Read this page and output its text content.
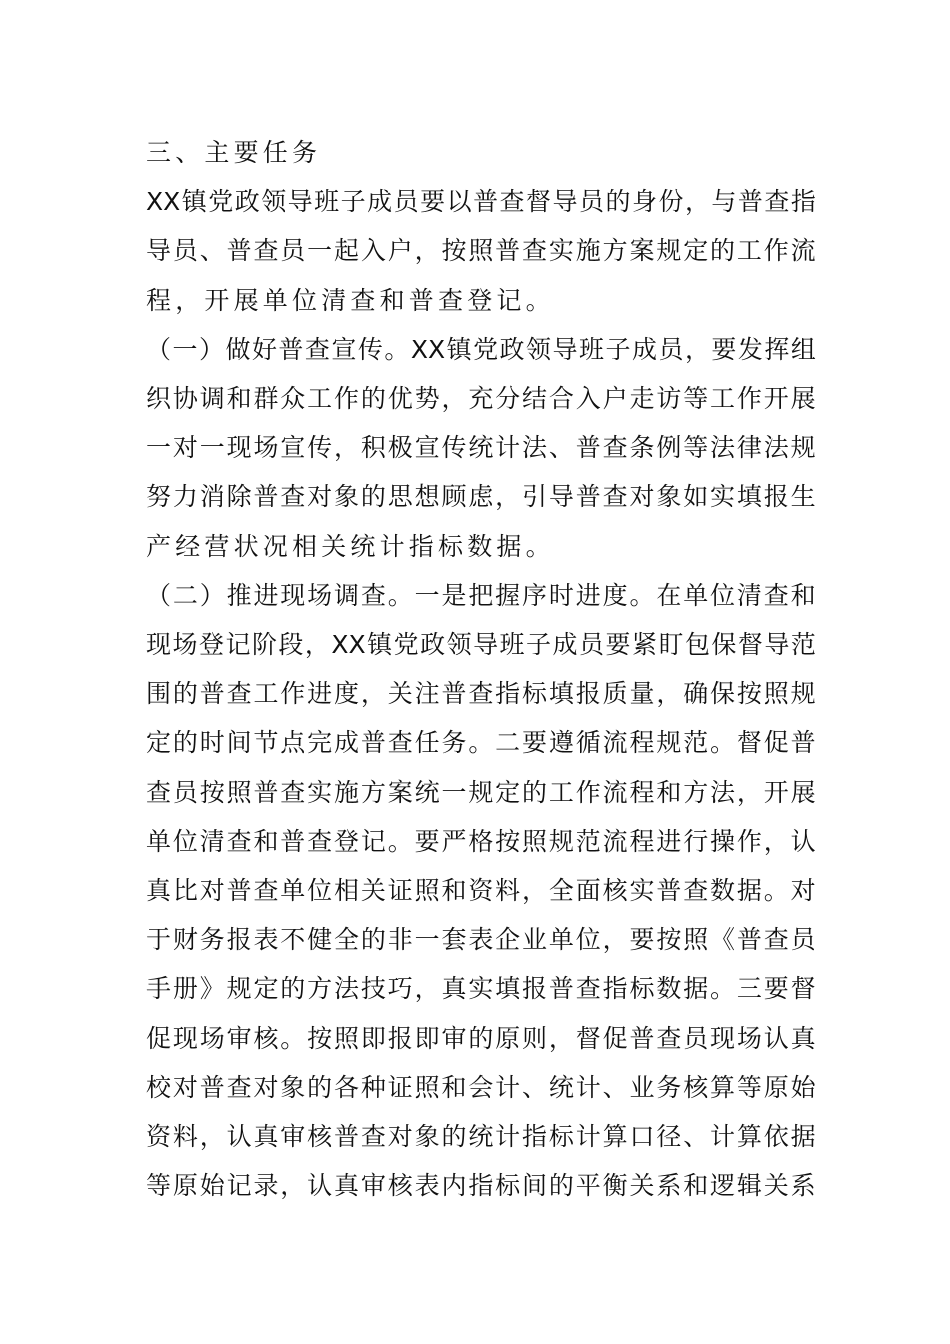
三、主要任务
XX 镇 党 政 领 导 班 子 成 员 要 以 普 查 督 导 员 的 身 份 ， 与 普 查 指
导 员 、 普 查 员 一 起 入 户 ， 按 照 普 查 实 施 方 案 规 定 的 工 作 流
程，开展单位清查和普查登记。
（ 一 ） 做 好 普 查 宣 传 。 XX 镇 党 政 领 导 班 子 成 员 ， 要 发 挥 组
织 协 调 和 群 众 工 作 的 优 势 ， 充 分 结 合 入 户 走 访 等 工 作 开 展
一 对 一 现 场 宣 传 ， 积 极 宣 传 统 计 法 、 普 查 条 例 等 法 律 法 规
努 力 消 除 普 查 对 象 的 思 想 顾 虑 ， 引 导 普 查 对 象 如 实 填 报 生
产经营状况相关统计指标数据。
（ 二 ） 推 进 现 场 调 查 。 一 是 把 握 序 时 进 度 。 在 单 位 清 查 和
现 场 登 记 阶 段 ， XX 镇 党 政 领 导 班 子 成 员 要 紧 盯 包 保 督 导 范
围 的 普 查 工 作 进 度 ， 关 注 普 查 指 标 填 报 质 量 ， 确 保 按 照 规
定 的 时 间 节 点 完 成 普 查 任 务 。 二 要 遵 循 流 程 规 范 。 督 促 普
查 员 按 照 普 查 实 施 方 案 统 一 规 定 的 工 作 流 程 和 方 法 ， 开 展
单 位 清 查 和 普 查 登 记 。 要 严 格 按 照 规 范 流 程 进 行 操 作 ， 认
真 比 对 普 查 单 位 相 关 证 照 和 资 料 ， 全 面 核 实 普 查 数 据 。 对
于 财 务 报 表 不 健 全 的 非 一 套 表 企 业 单 位 ， 要 按 照 《 普 查 员
手 册 》 规 定 的 方 法 技 巧 ， 真 实 填 报 普 查 指 标 数 据 。 三 要 督
促 现 场 审 核 。 按 照 即 报 即 审 的 原 则 ， 督 促 普 查 员 现 场 认 真
校 对 普 查 对 象 的 各 种 证 照 和 会 计 、 统 计 、 业 务 核 算 等 原 始
资 料 ， 认 真 审 核 普 查 对 象 的 统 计 指 标 计 算 口 径 、 计 算 依 据
等 原 始 记 录 ， 认 真 审 核 表 内 指 标 间 的 平 衡 关 系 和 逻 辑 关 系
